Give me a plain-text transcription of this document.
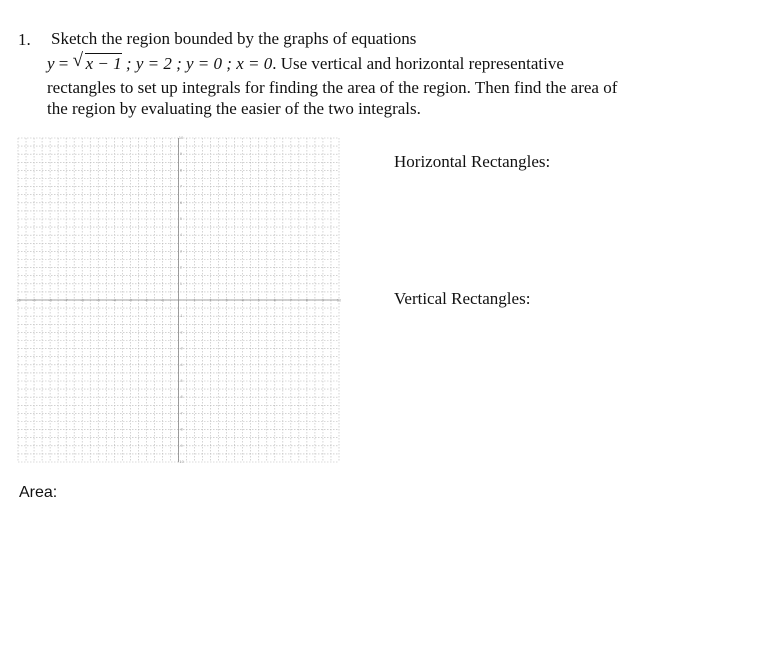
1. Sketch the region bounded by the graphs of equations
y = √ x − 1 ; y = 2 ; y = 0 ; x = 0. Use vertical and horizontal representative
rectangles to set up integrals for finding the area of the region. Then find the area of
the region by evaluating the easier of the two integrals.
-10	-9	-8	-7	-6	-5	-4	-3	-2	-1	1	2	3	4	5	6	7	8	9	10
-10
-9
-8
-7
-6
-5
-4
-3
-2
-1
1
2
3
4
5
6
7
8
9
10
Horizontal Rectangles:
Vertical Rectangles:
Area:
